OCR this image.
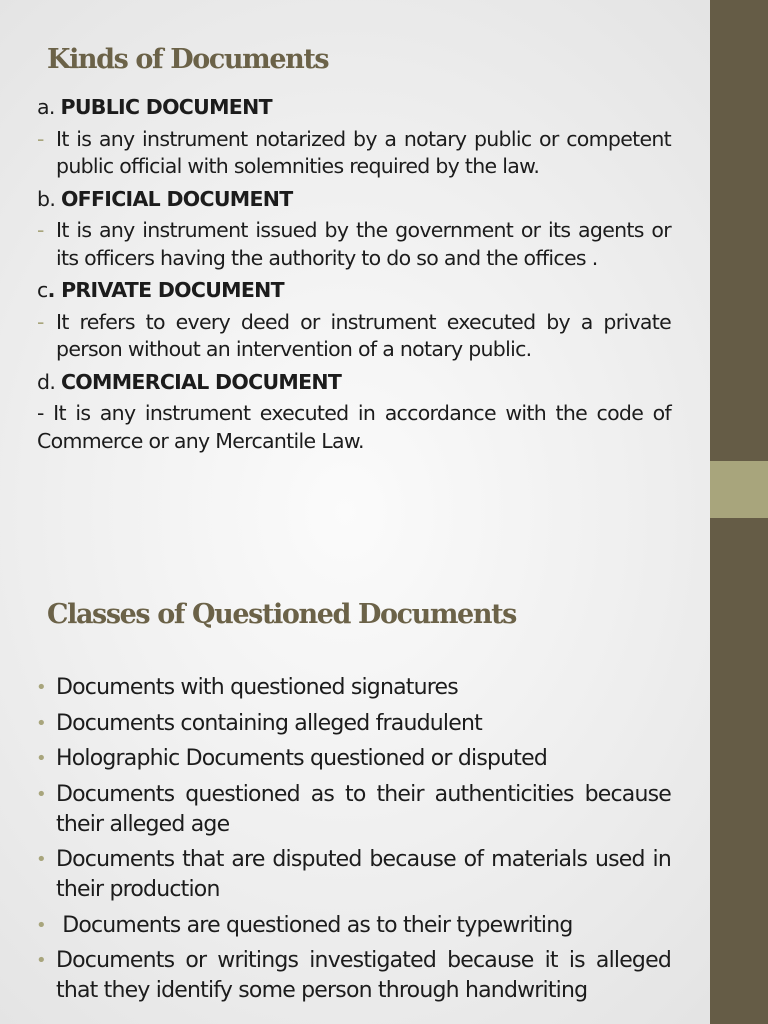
Kinds of Documents
a. PUBLIC DOCUMENT
- It is any instrument notarized by a notary public or competent public official with solemnities required by the law.
b. OFFICIAL DOCUMENT
- It is any instrument issued by the government or its agents or its officers having the authority to do so and the offices .
c. PRIVATE DOCUMENT
- It refers to every deed or instrument executed by a private person without an intervention of a notary public.
d. COMMERCIAL DOCUMENT
- It is any instrument executed in accordance with the code of Commerce or any Mercantile Law.
Classes of Questioned Documents
• Documents with questioned signatures
• Documents containing alleged fraudulent
• Holographic Documents questioned or disputed
• Documents questioned as to their authenticities because their alleged age
• Documents that are disputed because of materials used in their production
• Documents are questioned as to their typewriting
• Documents or writings investigated because it is alleged that they identify some person through handwriting
